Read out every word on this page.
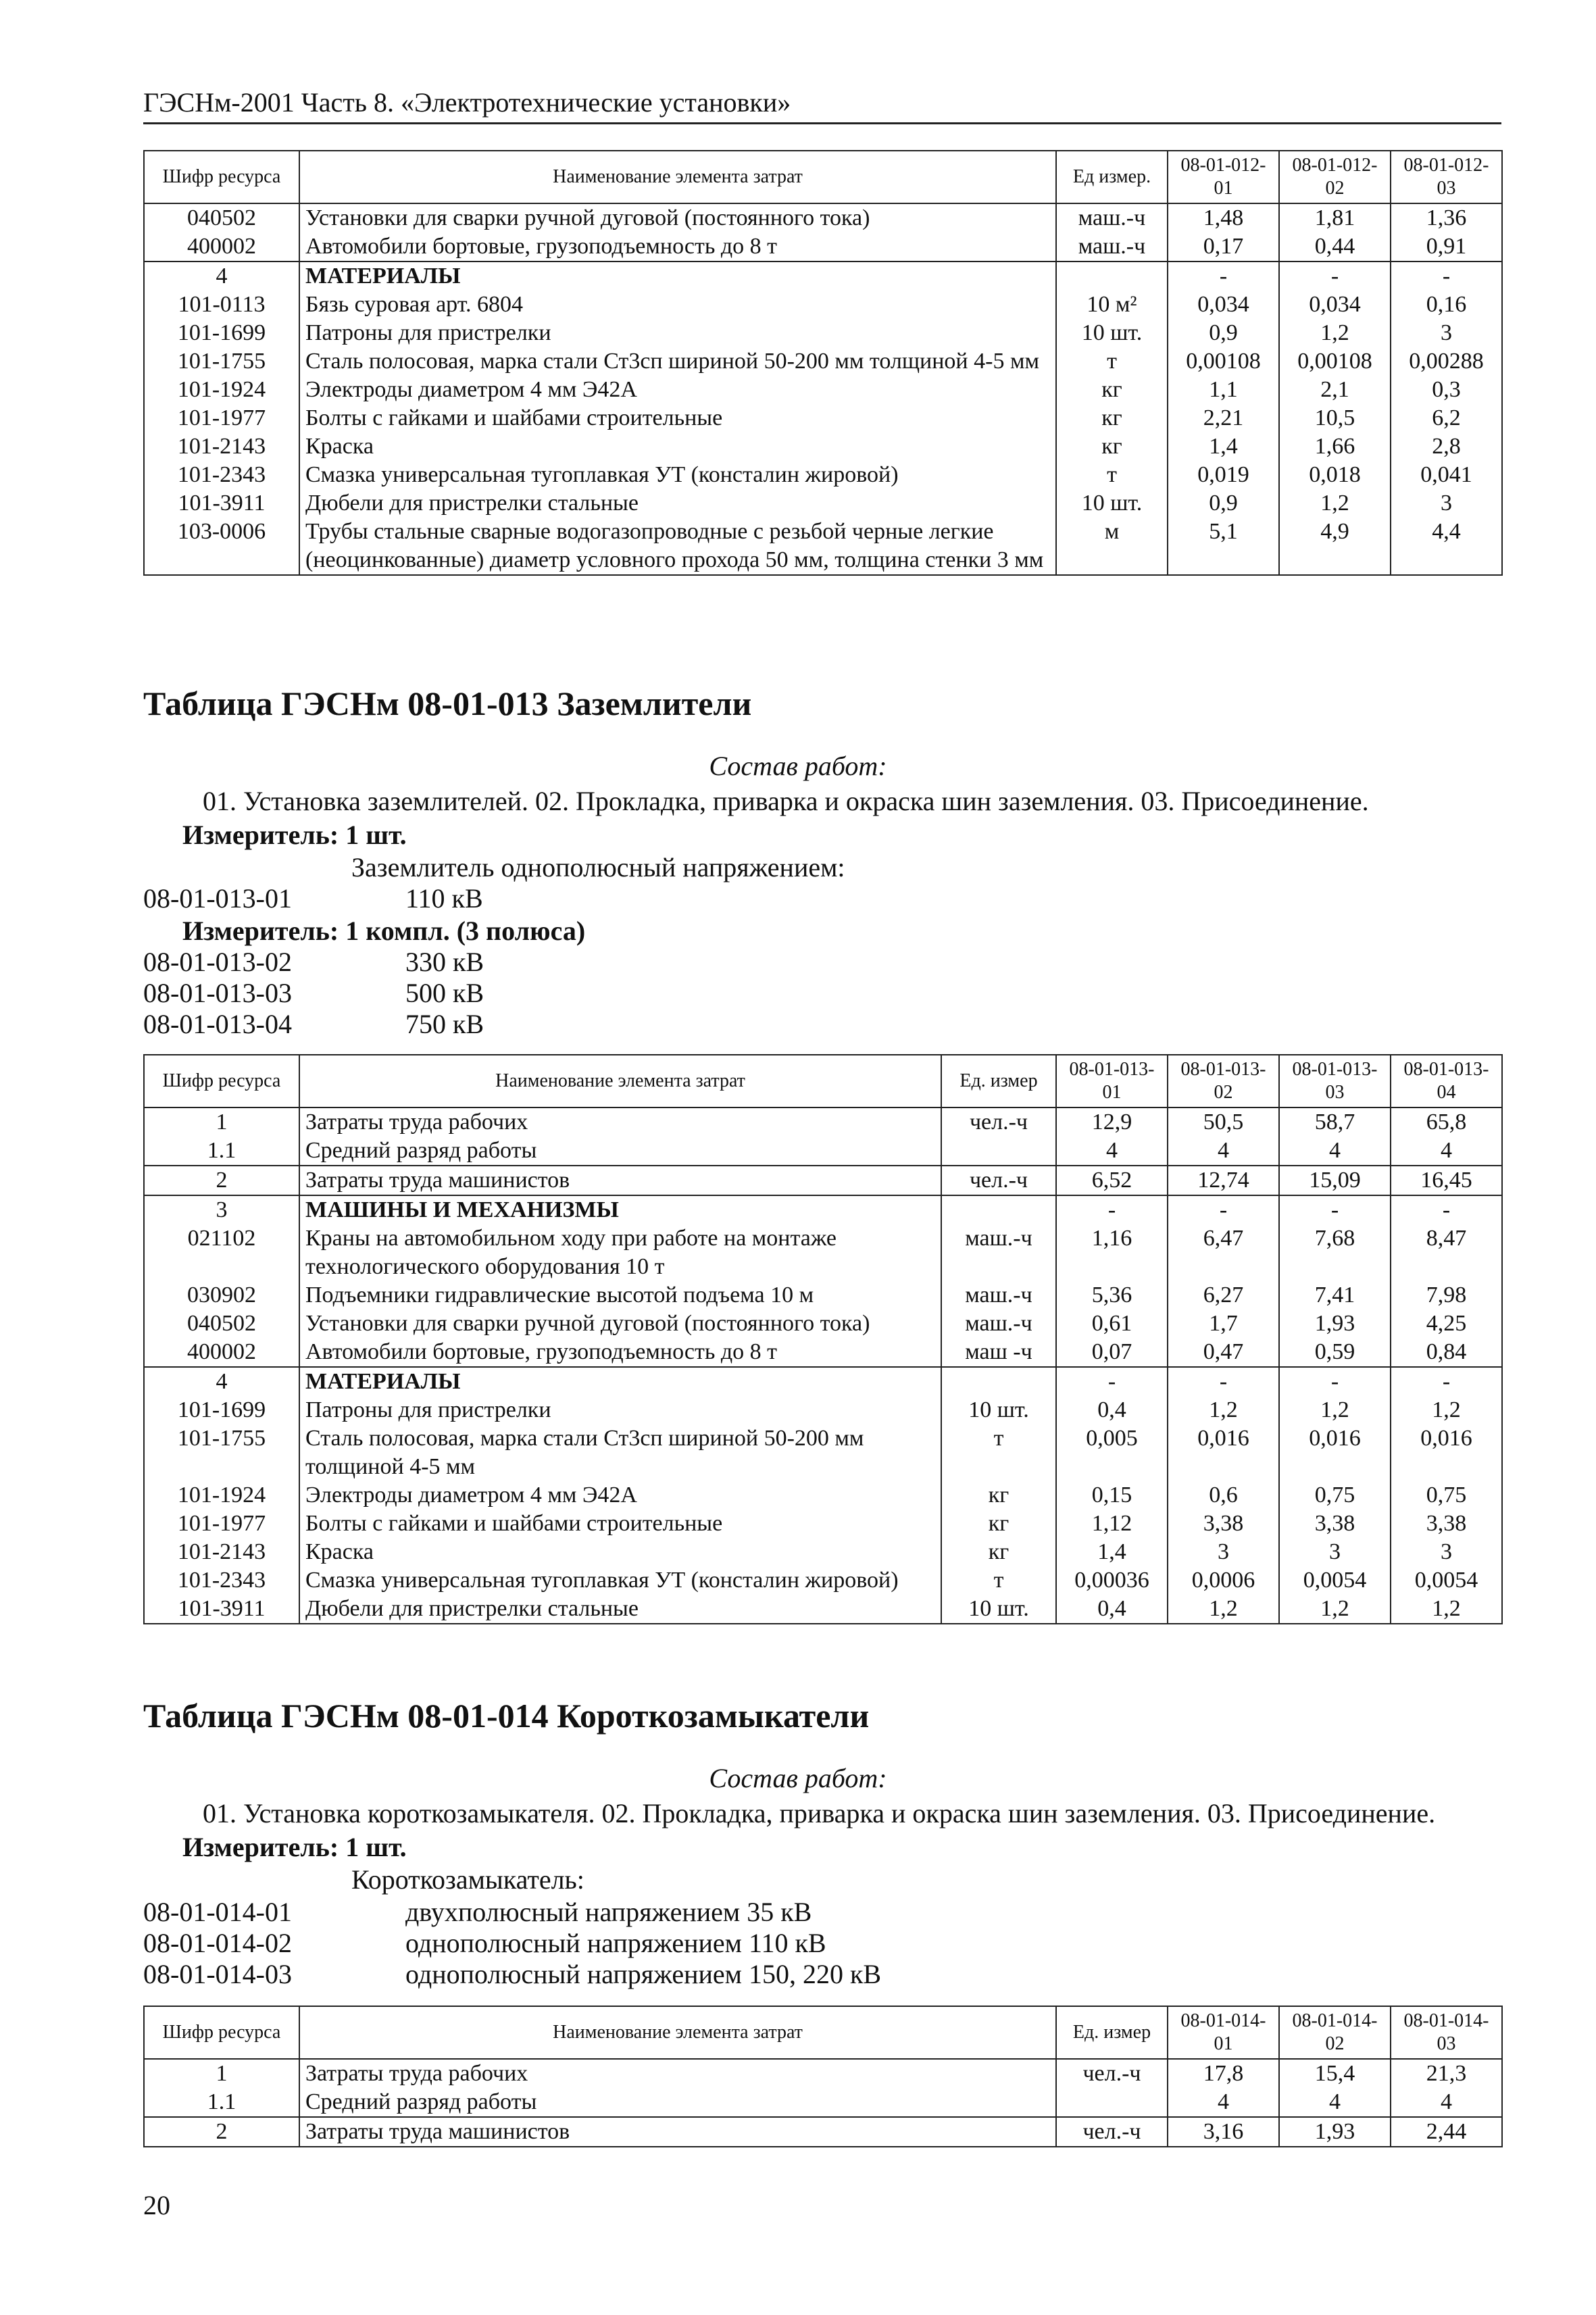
ГЭСНм-2001 Часть 8. «Электротехнические установки»
Шифр ресурса	Наименование элемента затрат	Ед измер.	08-01-012-01	08-01-012-02	08-01-012-03
040502	Установки для сварки ручной дуговой (постоянного тока)	маш.-ч	1,48	1,81	1,36
400002	Автомобили бортовые, грузоподъемность до 8 т	маш.-ч	0,17	0,44	0,91
4	МАТЕРИАЛЫ		-	-	-
101-0113	Бязь суровая арт. 6804	10 м²	0,034	0,034	0,16
101-1699	Патроны для пристрелки	10 шт.	0,9	1,2	3
101-1755	Сталь полосовая, марка стали Ст3сп шириной 50-200 мм толщиной 4-5 мм	т	0,00108	0,00108	0,00288
101-1924	Электроды диаметром 4 мм Э42А	кг	1,1	2,1	0,3
101-1977	Болты с гайками и шайбами строительные	кг	2,21	10,5	6,2
101-2143	Краска	кг	1,4	1,66	2,8
101-2343	Смазка универсальная тугоплавкая УТ (консталин жировой)	т	0,019	0,018	0,041
101-3911	Дюбели для пристрелки стальные	10 шт.	0,9	1,2	3
103-0006	Трубы стальные сварные водогазопроводные с резьбой черные легкие (неоцинкованные) диаметр условного прохода 50 мм, толщина стенки 3 мм	м	5,1	4,9	4,4
Таблица ГЭСНм 08-01-013 Заземлители
Состав работ:
01. Установка заземлителей. 02. Прокладка, приварка и окраска шин заземления. 03. Присоединение.
Измеритель: 1 шт.
Заземлитель однополюсный напряжением:
08-01-013-01	110 кВ
Измеритель: 1 компл. (3 полюса)
08-01-013-02	330 кВ
08-01-013-03	500 кВ
08-01-013-04	750 кВ
Шифр ресурса	Наименование элемента затрат	Ед. измер	08-01-013-01	08-01-013-02	08-01-013-03	08-01-013-04
1	Затраты труда рабочих	чел.-ч	12,9	50,5	58,7	65,8
1.1	Средний разряд работы		4	4	4	4
2	Затраты труда машинистов	чел.-ч	6,52	12,74	15,09	16,45
3	МАШИНЫ И МЕХАНИЗМЫ		-	-	-	-
021102	Краны на автомобильном ходу при работе на монтаже технологического оборудования 10 т	маш.-ч	1,16	6,47	7,68	8,47
030902	Подъемники гидравлические высотой подъема 10 м	маш.-ч	5,36	6,27	7,41	7,98
040502	Установки для сварки ручной дуговой (постоянного тока)	маш.-ч	0,61	1,7	1,93	4,25
400002	Автомобили бортовые, грузоподъемность до 8 т	маш -ч	0,07	0,47	0,59	0,84
4	МАТЕРИАЛЫ		-	-	-	-
101-1699	Патроны для пристрелки	10 шт.	0,4	1,2	1,2	1,2
101-1755	Сталь полосовая, марка стали Ст3сп шириной 50-200 мм толщиной 4-5 мм	т	0,005	0,016	0,016	0,016
101-1924	Электроды диаметром 4 мм Э42А	кг	0,15	0,6	0,75	0,75
101-1977	Болты с гайками и шайбами строительные	кг	1,12	3,38	3,38	3,38
101-2143	Краска	кг	1,4	3	3	3
101-2343	Смазка универсальная тугоплавкая УТ (консталин жировой)	т	0,00036	0,0006	0,0054	0,0054
101-3911	Дюбели для пристрелки стальные	10 шт.	0,4	1,2	1,2	1,2
Таблица ГЭСНм 08-01-014 Короткозамыкатели
Состав работ:
01. Установка короткозамыкателя. 02. Прокладка, приварка и окраска шин заземления. 03. Присоединение.
Измеритель: 1 шт.
Короткозамыкатель:
08-01-014-01	двухполюсный напряжением 35 кВ
08-01-014-02	однополюсный напряжением 110 кВ
08-01-014-03	однополюсный напряжением 150, 220 кВ
Шифр ресурса	Наименование элемента затрат	Ед. измер	08-01-014-01	08-01-014-02	08-01-014-03
1	Затраты труда рабочих	чел.-ч	17,8	15,4	21,3
1.1	Средний разряд работы		4	4	4
2	Затраты труда машинистов	чел.-ч	3,16	1,93	2,44
20
